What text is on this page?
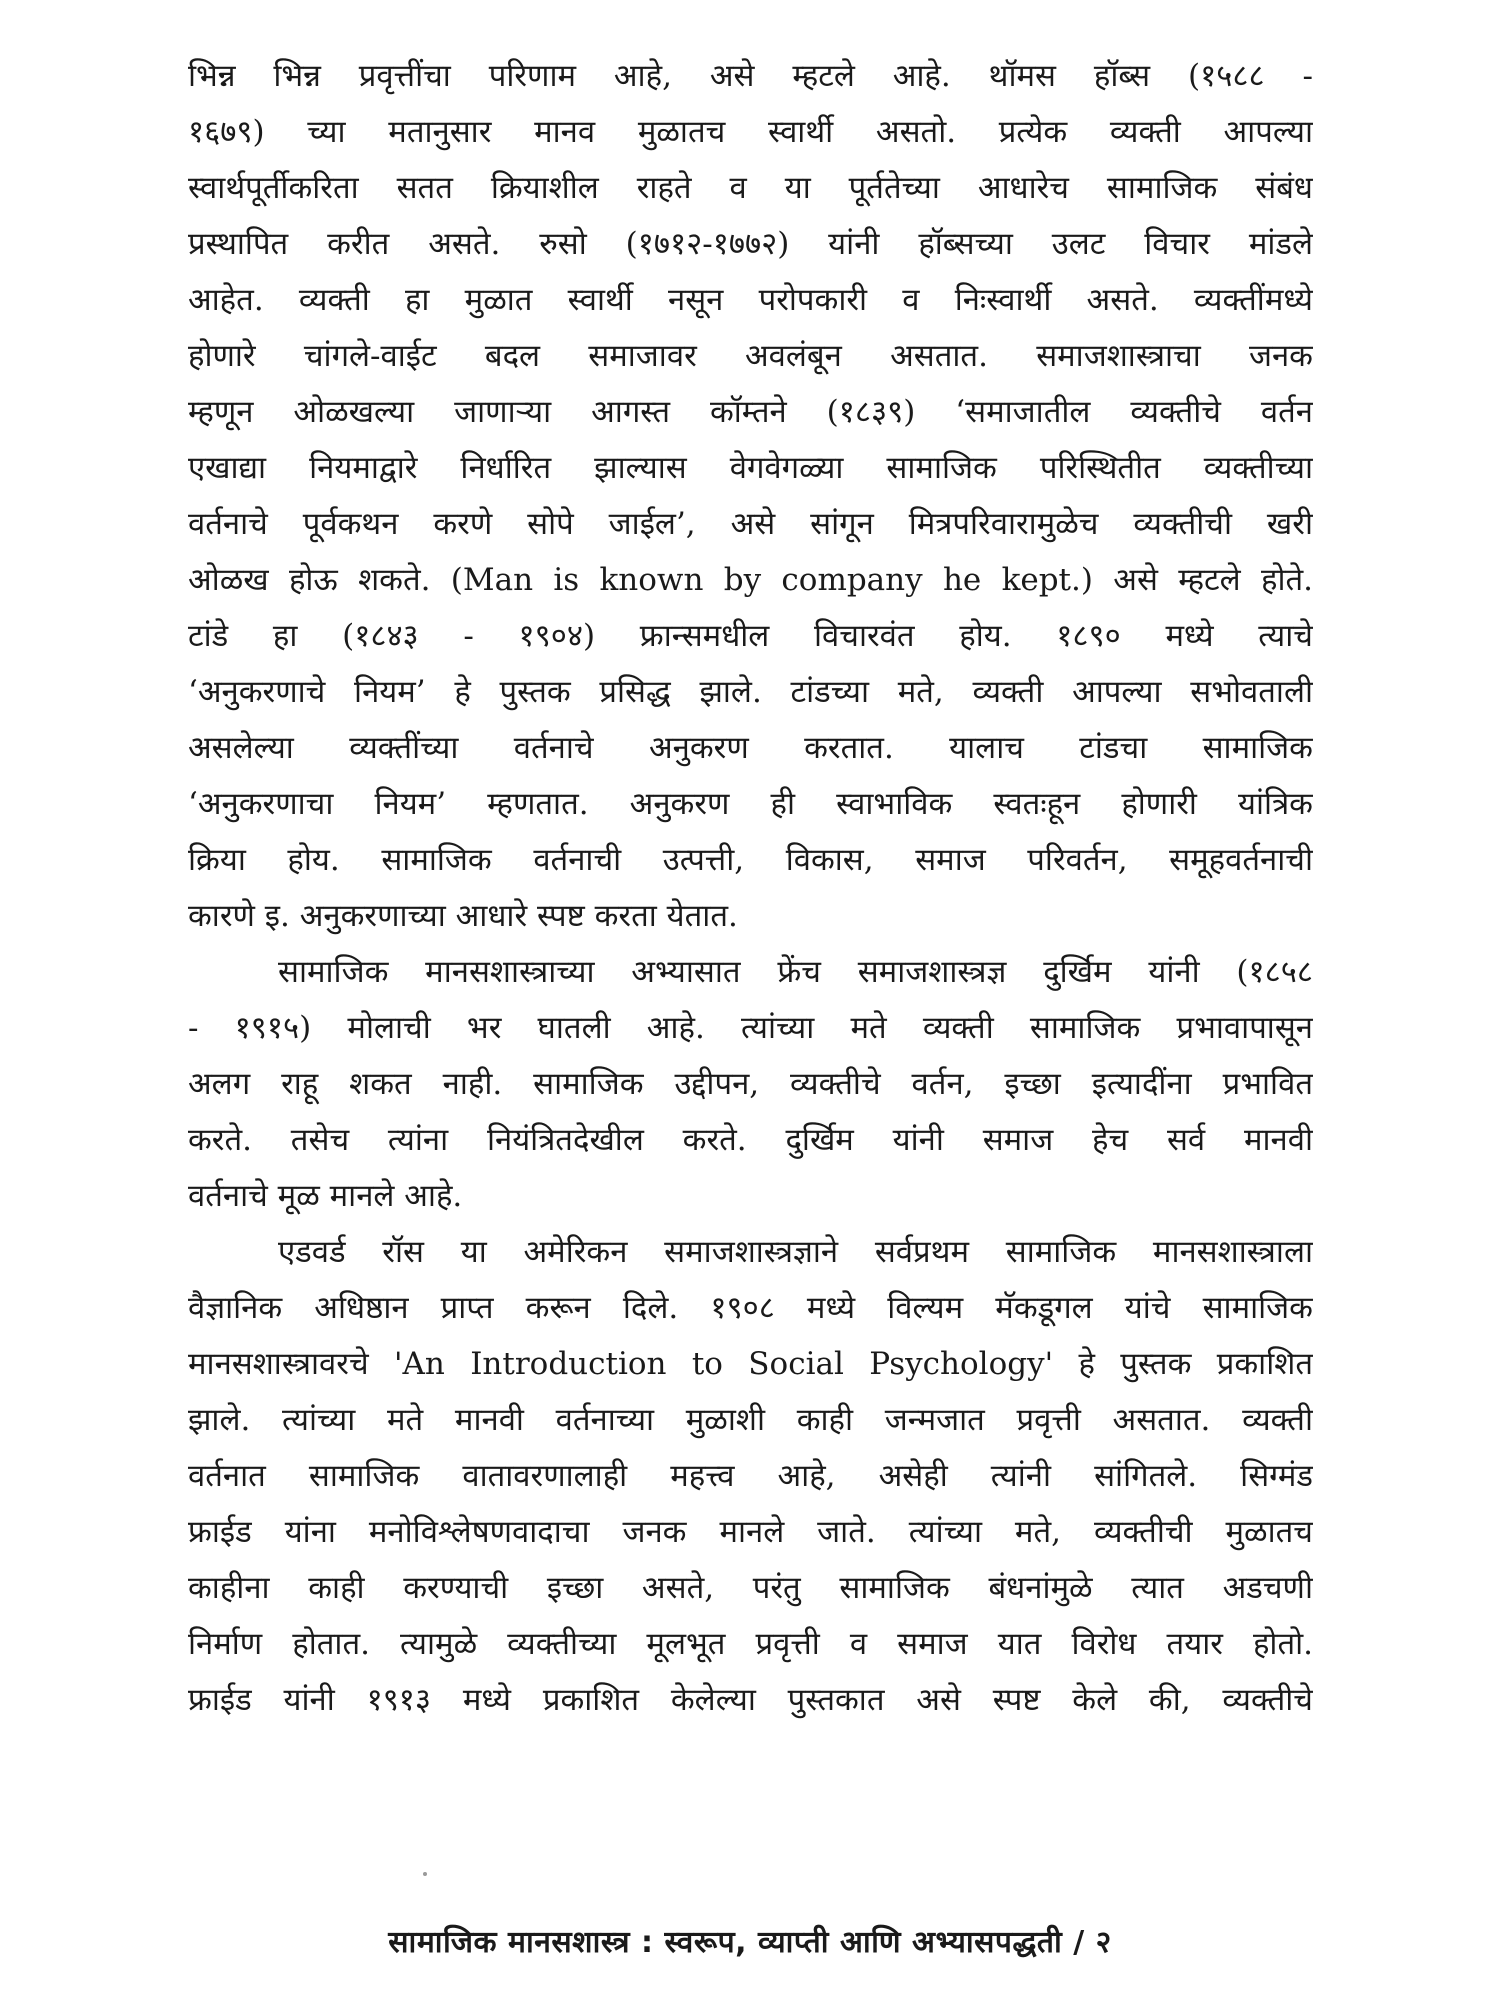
भिन्न भिन्न प्रवृत्तींचा परिणाम आहे, असे म्हटले आहे. थॉमस हॉब्स (१५८८ -
१६७९) च्या मतानुसार मानव मुळातच स्वार्थी असतो. प्रत्येक व्यक्ती आपल्या
स्वार्थपूर्तीकरिता सतत क्रियाशील राहते व या पूर्ततेच्या आधारेच सामाजिक संबंध
प्रस्थापित करीत असते. रुसो (१७१२-१७७२) यांनी हॉब्सच्या उलट विचार मांडले
आहेत. व्यक्ती हा मुळात स्वार्थी नसून परोपकारी व निःस्वार्थी असते. व्यक्तींमध्ये
होणारे चांगले-वाईट बदल समाजावर अवलंबून असतात. समाजशास्त्राचा जनक
म्हणून ओळखल्या जाणाऱ्या आगस्त कॉम्तने (१८३९) ‘समाजातील व्यक्तीचे वर्तन
एखाद्या नियमाद्वारे निर्धारित झाल्यास वेगवेगळ्या सामाजिक परिस्थितीत व्यक्तीच्या
वर्तनाचे पूर्वकथन करणे सोपे जाईल’, असे सांगून मित्रपरिवारामुळेच व्यक्तीची खरी
ओळख होऊ शकते. (Man is known by company he kept.) असे म्हटले होते.
टांडे हा (१८४३ - १९०४) फ्रान्समधील विचारवंत होय. १८९० मध्ये त्याचे
‘अनुकरणाचे नियम’ हे पुस्तक प्रसिद्ध झाले. टांडच्या मते, व्यक्ती आपल्या सभोवताली
असलेल्या व्यक्तींच्या वर्तनाचे अनुकरण करतात. यालाच टांडचा सामाजिक
‘अनुकरणाचा नियम’ म्हणतात. अनुकरण ही स्वाभाविक स्वतःहून होणारी यांत्रिक
क्रिया होय. सामाजिक वर्तनाची उत्पत्ती, विकास, समाज परिवर्तन, समूहवर्तनाची
कारणे इ. अनुकरणाच्या आधारे स्पष्ट करता येतात.
सामाजिक मानसशास्त्राच्या अभ्यासात फ्रेंच समाजशास्त्रज्ञ दुर्खिम यांनी (१८५८
- १९१५) मोलाची भर घातली आहे. त्यांच्या मते व्यक्ती सामाजिक प्रभावापासून
अलग राहू शकत नाही. सामाजिक उद्दीपन, व्यक्तीचे वर्तन, इच्छा इत्यादींना प्रभावित
करते. तसेच त्यांना नियंत्रितदेखील करते. दुर्खिम यांनी समाज हेच सर्व मानवी
वर्तनाचे मूळ मानले आहे.
एडवर्ड रॉस या अमेरिकन समाजशास्त्रज्ञाने सर्वप्रथम सामाजिक मानसशास्त्राला
वैज्ञानिक अधिष्ठान प्राप्त करून दिले. १९०८ मध्ये विल्यम मॅकडूगल यांचे सामाजिक
मानसशास्त्रावरचे 'An Introduction to Social Psychology' हे पुस्तक प्रकाशित
झाले. त्यांच्या मते मानवी वर्तनाच्या मुळाशी काही जन्मजात प्रवृत्ती असतात. व्यक्ती
वर्तनात सामाजिक वातावरणालाही महत्त्व आहे, असेही त्यांनी सांगितले. सिग्मंड
फ्राईड यांना मनोविश्लेषणवादाचा जनक मानले जाते. त्यांच्या मते, व्यक्तीची मुळातच
काहीना काही करण्याची इच्छा असते, परंतु सामाजिक बंधनांमुळे त्यात अडचणी
निर्माण होतात. त्यामुळे व्यक्तीच्या मूलभूत प्रवृत्ती व समाज यात विरोध तयार होतो.
फ्राईड यांनी १९१३ मध्ये प्रकाशित केलेल्या पुस्तकात असे स्पष्ट केले की, व्यक्तीचे
सामाजिक मानसशास्त्र : स्वरूप, व्याप्ती आणि अभ्यासपद्धती / २
